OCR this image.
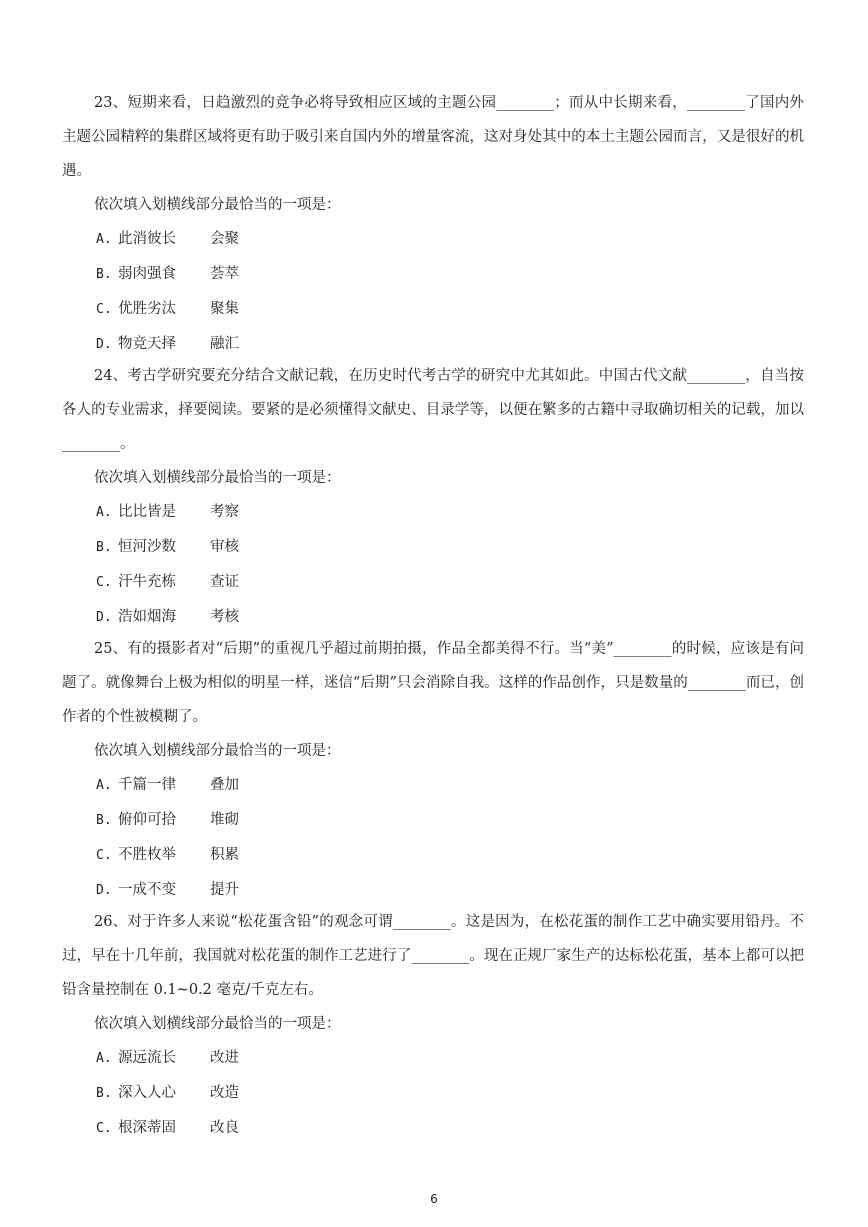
23、短期来看，日趋激烈的竞争必将导致相应区域的主题公园________；而从中长期来看，________了国内外主题公园精粹的集群区域将更有助于吸引来自国内外的增量客流，这对身处其中的本土主题公园而言，又是很好的机遇。

依次填入划横线部分最恰当的一项是：

A. 此消彼长 会聚
B. 弱肉强食 荟萃
C. 优胜劣汰 聚集
D. 物竞天择 融汇

24、考古学研究要充分结合文献记载，在历史时代考古学的研究中尤其如此。中国古代文献________，自当按各人的专业需求，择要阅读。要紧的是必须懂得文献史、目录学等，以便在繁多的古籍中寻取确切相关的记载，加以________。

依次填入划横线部分最恰当的一项是：

A. 比比皆是 考察
B. 恒河沙数 审核
C. 汗牛充栋 查证
D. 浩如烟海 考核

25、有的摄影者对“后期”的重视几乎超过前期拍摄，作品全都美得不行。当“美”________的时候，应该是有问题了。就像舞台上极为相似的明星一样，迷信“后期”只会消除自我。这样的作品创作，只是数量的________而已，创作者的个性被模糊了。

依次填入划横线部分最恰当的一项是：

A. 千篇一律 叠加
B. 俯仰可拾 堆砌
C. 不胜枚举 积累
D. 一成不变 提升

26、对于许多人来说“松花蛋含铅”的观念可谓________。这是因为，在松花蛋的制作工艺中确实要用铅丹。不过，早在十几年前，我国就对松花蛋的制作工艺进行了________。现在正规厂家生产的达标松花蛋，基本上都可以把铅含量控制在 0.1~0.2 毫克/千克左右。

依次填入划横线部分最恰当的一项是：

A. 源远流长 改进
B. 深入人心 改造
C. 根深蒂固 改良
6
